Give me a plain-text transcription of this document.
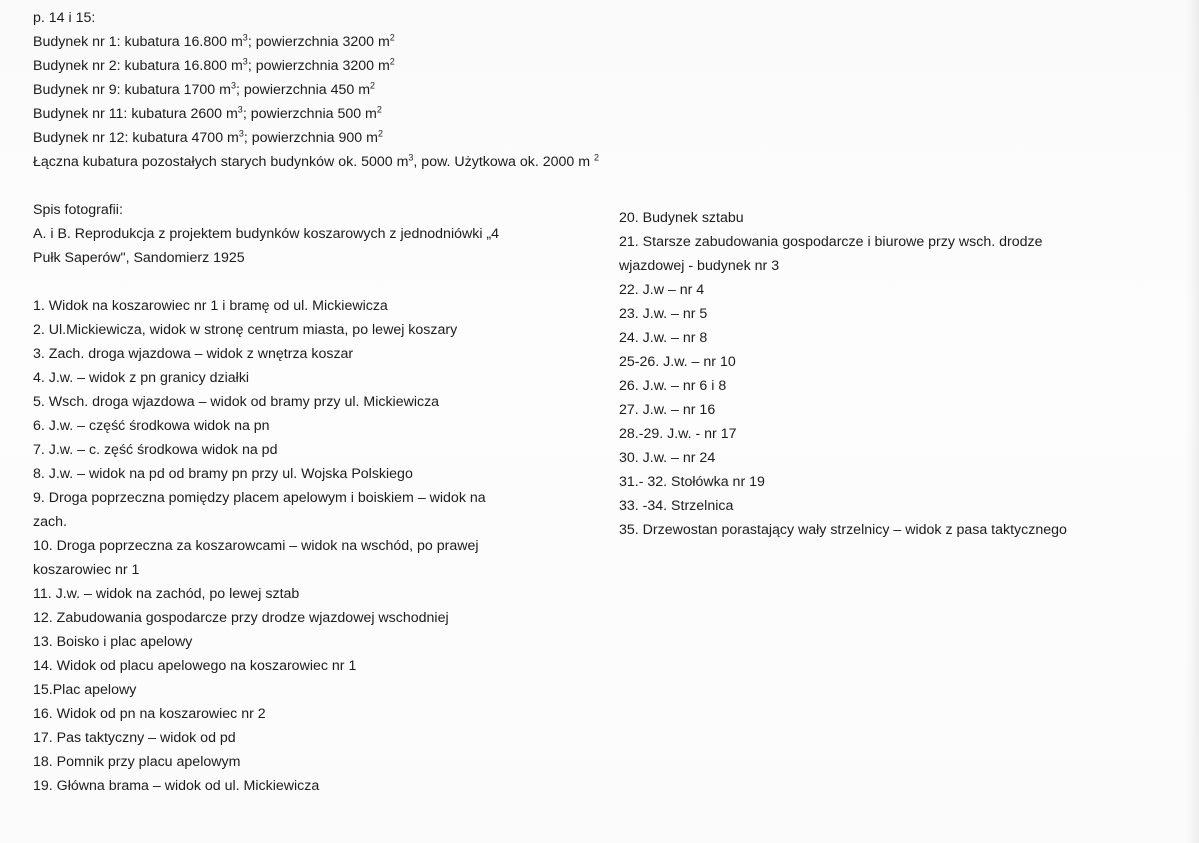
p. 14 i 15:
Budynek nr 1: kubatura 16.800 $m^3$; powierzchnia 3200 $m^2$
Budynek nr 2: kubatura 16.800 $m^3$; powierzchnia 3200 $m^2$
Budynek nr 9: kubatura 1700 $m^3$; powierzchnia 450 $m^2$
Budynek nr 11: kubatura 2600 $m^3$; powierzchnia 500 $m^2$
Budynek nr 12: kubatura 4700 $m^3$; powierzchnia 900 $m^2$
Łączna kubatura pozostałych starych budynków ok. 5000 $m^3$, pow. Użytkowa ok. 2000 m $^2$
Spis fotografii:
A. i B. Reprodukcja z projektem budynków koszarowych z jednodniówki „4
Pułk Saperów", Sandomierz 1925
1. Widok na koszarowiec nr 1 i bramę od ul. Mickiewicza
2. Ul.Mickiewicza, widok w stronę centrum miasta, po lewej koszary
3. Zach. droga wjazdowa – widok z wnętrza koszar
4. J.w. – widok z pn granicy działki
5. Wsch. droga wjazdowa – widok od bramy przy ul. Mickiewicza
6. J.w. – część środkowa widok na pn
7. J.w. – c. zęść środkowa widok na pd
8. J.w. – widok na pd od bramy pn przy ul. Wojska Polskiego
9. Droga poprzeczna pomiędzy placem apelowym i boiskiem – widok na
zach.
10. Droga poprzeczna za koszarowcami – widok na wschód, po prawej
koszarowiec nr 1
11. J.w. – widok na zachód, po lewej sztab
12. Zabudowania gospodarcze przy drodze wjazdowej wschodniej
13. Boisko i plac apelowy
14. Widok od placu apelowego na koszarowiec nr 1
15.Plac apelowy
16. Widok od pn na koszarowiec nr 2
17. Pas taktyczny – widok od pd
18. Pomnik przy placu apelowym
19. Główna brama – widok od ul. Mickiewicza
20. Budynek sztabu
21. Starsze zabudowania gospodarcze i biurowe przy wsch. drodze
wjazdowej - budynek nr 3
22. J.w – nr 4
23. J.w. – nr 5
24. J.w. – nr 8
25-26. J.w. – nr 10
26. J.w. – nr 6 i 8
27. J.w. – nr 16
28.-29. J.w. - nr 17
30. J.w. – nr 24
31.- 32. Stołówka nr 19
33. -34. Strzelnica
35. Drzewostan porastający wały strzelnicy – widok z pasa taktycznego
